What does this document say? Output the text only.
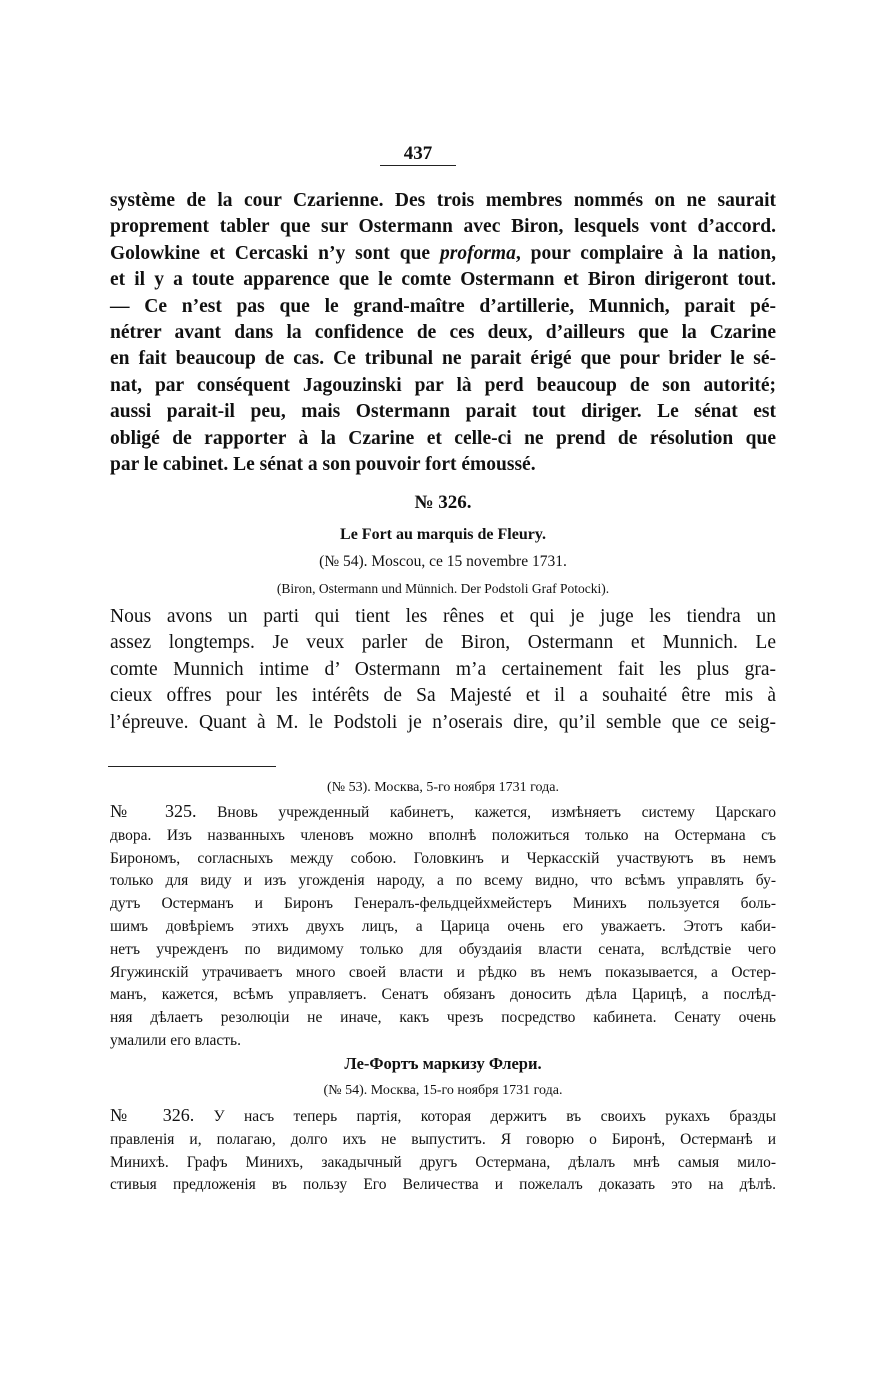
437

système de la cour Czarienne. Des trois membres nommés on ne saurait
proprement tabler que sur Ostermann avec Biron, lesquels vont d’accord.
Golowkine et Cercaski n’y sont que proforma, pour complaire à la nation,
et il y a toute apparence que le comte Ostermann et Biron dirigeront tout.
— Ce n’est pas que le grand-maître d’artillerie, Munnich, parait pé-
nétrer avant dans la confidence de ces deux, d’ailleurs que la Czarine
en fait beaucoup de cas. Ce tribunal ne parait érigé que pour brider le sé-
nat, par conséquent Jagouzinski par là perd beaucoup de son autorité;
aussi parait-il peu, mais Ostermann parait tout diriger. Le sénat est
obligé de rapporter à la Czarine et celle-ci ne prend de résolution que
par le cabinet. Le sénat a son pouvoir fort émoussé.

№ 326.
Le Fort au marquis de Fleury.
(№ 54). Moscou, ce 15 novembre 1731.
(Biron, Ostermann und Münnich. Der Podstoli Graf Potocki).

Nous avons un parti qui tient les rênes et qui je juge les tiendra un
assez longtemps. Je veux parler de Biron, Ostermann et Munnich. Le
comte Munnich intime d’ Ostermann m’a certainement fait les plus gra-
cieux offres pour les intérêts de Sa Majesté et il a souhaité être mis à
l’épreuve. Quant à M. le Podstoli je n’oserais dire, qu’il semble que ce seig-

(№ 53). Москва, 5-го ноября 1731 года.

№ 325. Вновь учрежденный кабинетъ, кажется, измѣняетъ систему Царскаго
двора. Изъ названныхъ членовъ можно вполнѣ положиться только на Остермана съ
Бирономъ, согласныхъ между собою. Головкинъ и Черкасскій участвуютъ въ немъ
только для виду и изъ угожденія народу, а по всему видно, что всѣмъ управлять бу-
дутъ Остерманъ и Биронъ Генералъ-фельдцейхмейстеръ Минихъ пользуется боль-
шимъ довѣріемъ этихъ двухъ лицъ, а Царица очень его уважаетъ. Этотъ каби-
нетъ учрежденъ по видимому только для обуздаиія власти сената, вслѣдствіе чего
Ягужинскій утрачиваетъ много своей власти и рѣдко въ немъ показывается, а Остер-
манъ, кажется, всѣмъ управляетъ. Сенатъ обязанъ доносить дѣла Царицѣ, а послѣд-
няя дѣлаетъ резолюціи не иначе, какъ чрезъ посредство кабинета. Сенату очень
умалили его власть.

Ле-Фортъ маркизу Флери.
(№ 54). Москва, 15-го ноября 1731 года.

№ 326. У насъ теперь партія, которая держитъ въ своихъ рукахъ бразды
правленія и, полагаю, долго ихъ не выпуститъ. Я говорю о Биронѣ, Остерманѣ и
Минихѣ. Графъ Минихъ, закадычный другъ Остермана, дѣлалъ мнѣ самыя мило-
стивыя предложенія въ пользу Его Величества и пожелалъ доказать это на дѣлѣ.
